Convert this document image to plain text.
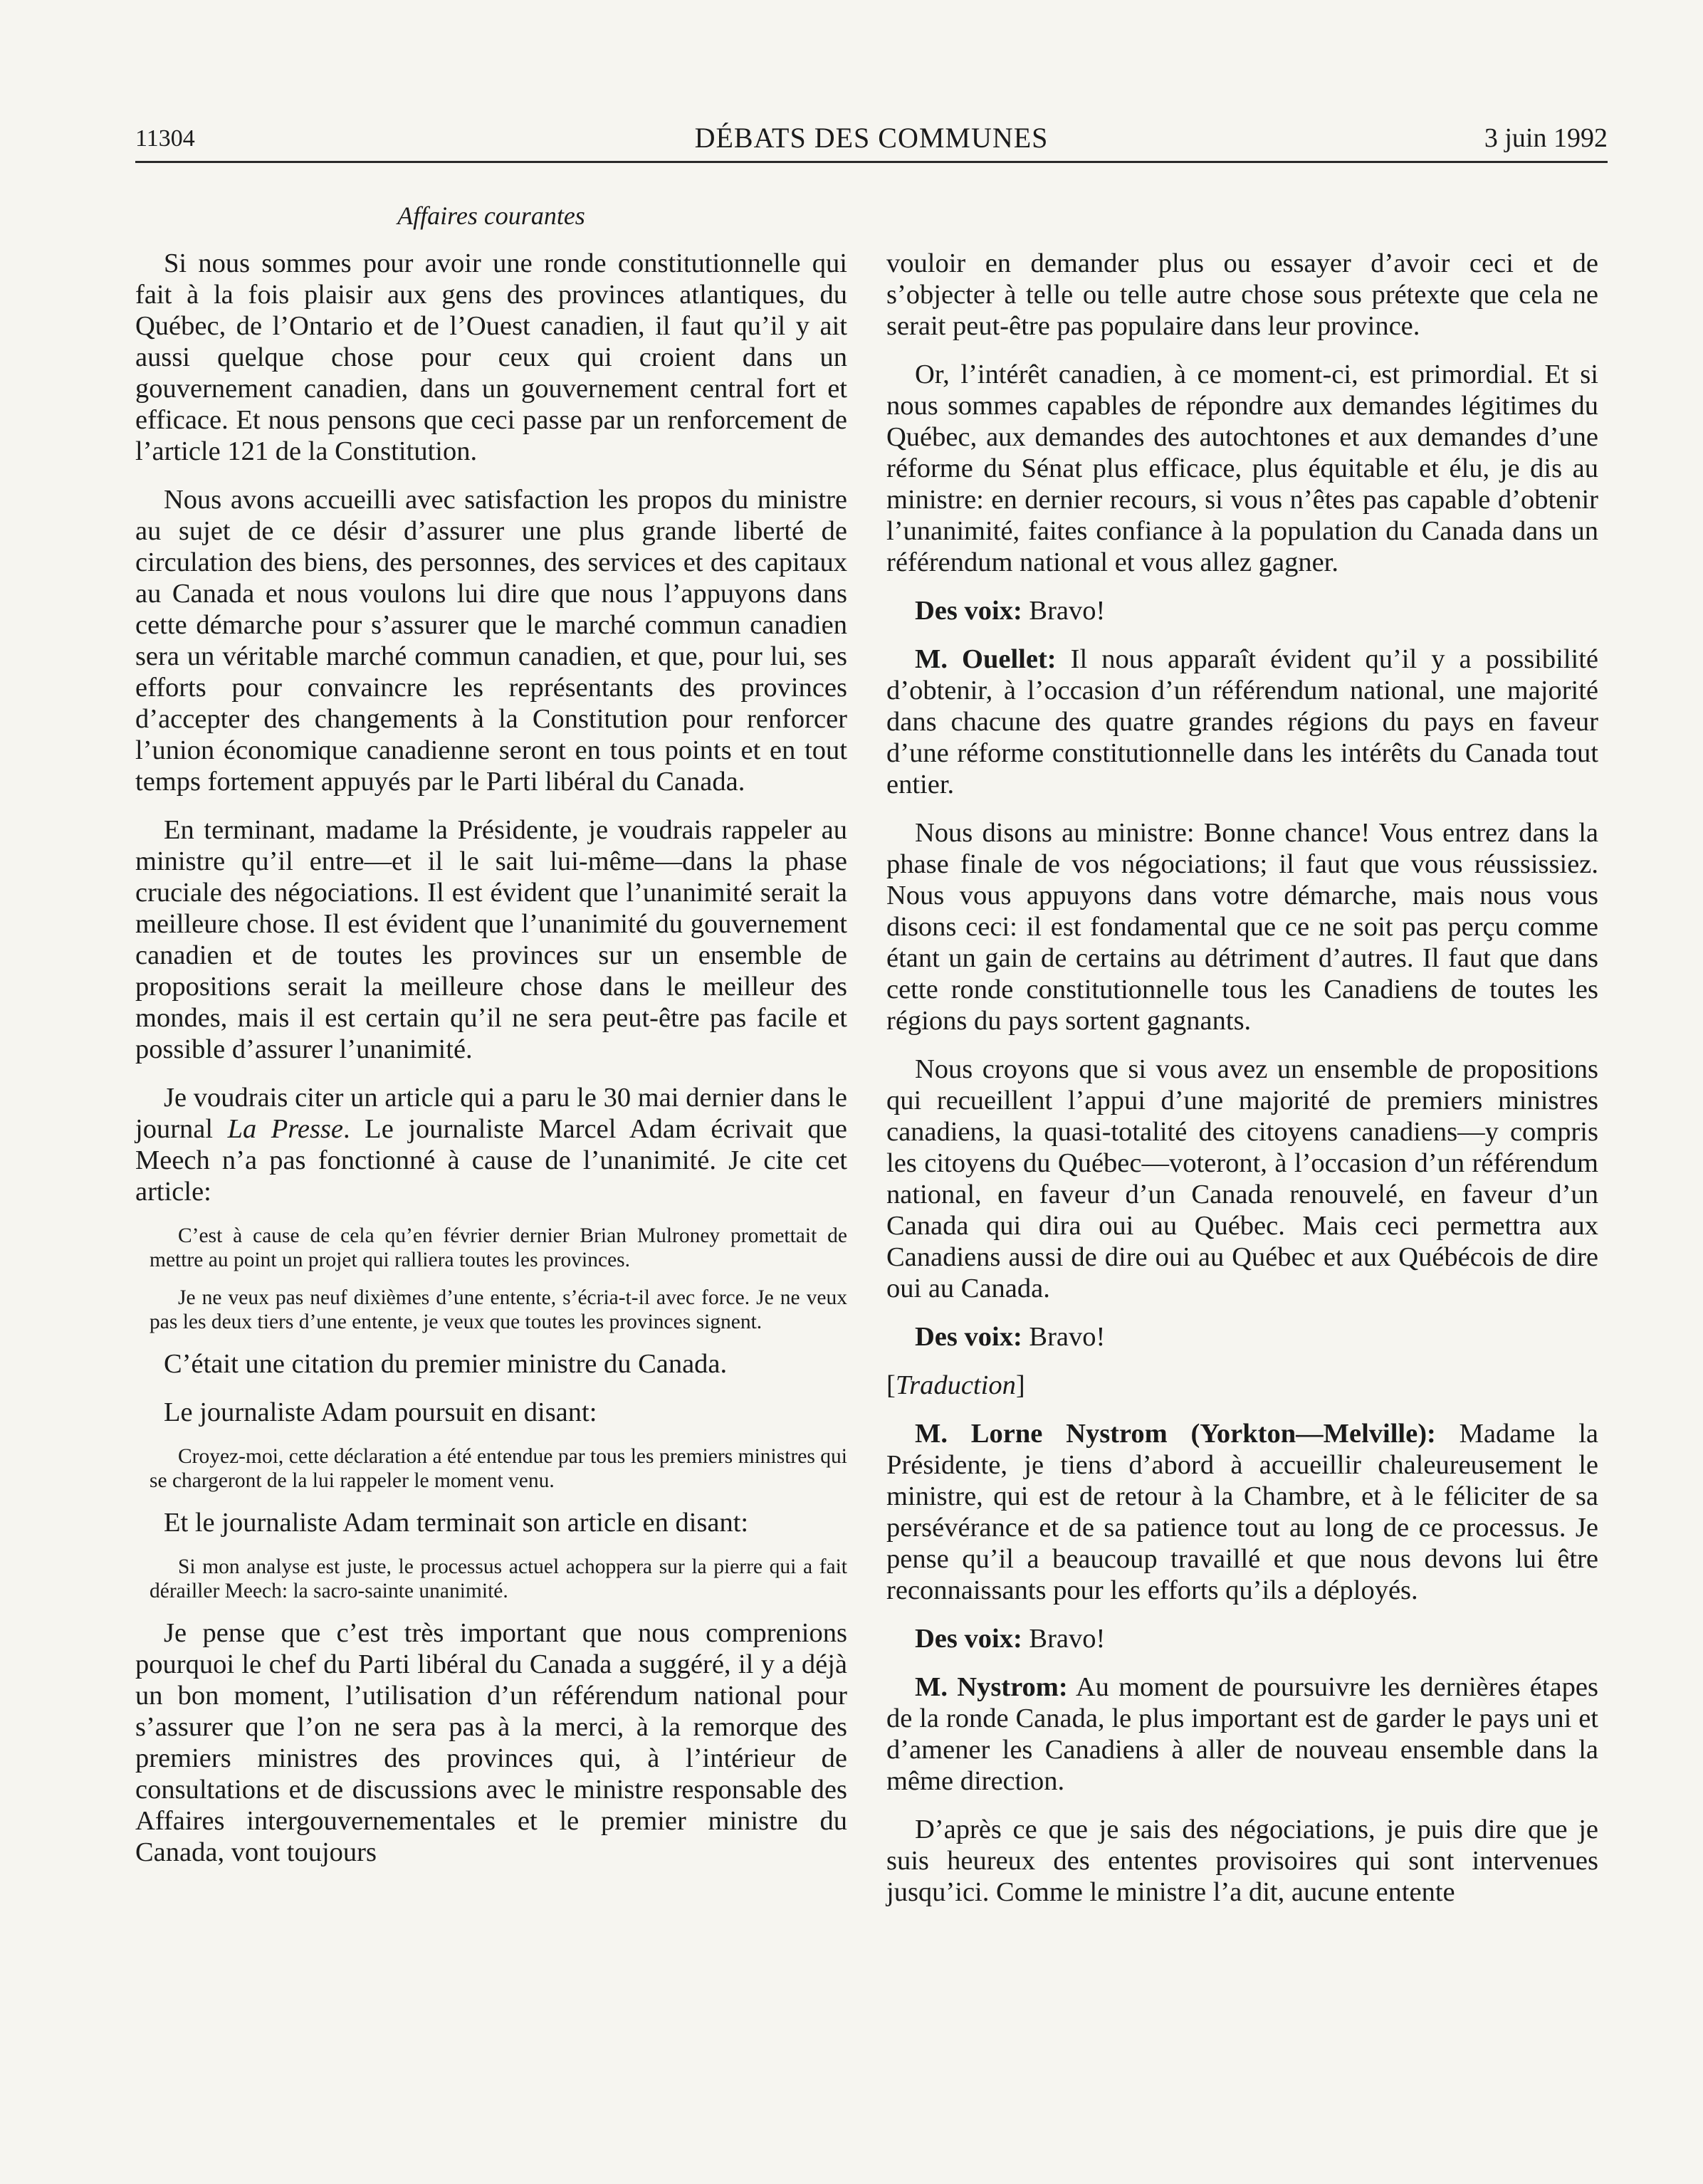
11304	DÉBATS DES COMMUNES	3 juin 1992
Affaires courantes

Si nous sommes pour avoir une ronde constitutionnelle qui fait à la fois plaisir aux gens des provinces atlantiques, du Québec, de l’Ontario et de l’Ouest canadien, il faut qu’il y ait aussi quelque chose pour ceux qui croient dans un gouvernement canadien, dans un gouvernement central fort et efficace. Et nous pensons que ceci passe par un renforcement de l’article 121 de la Constitution.

Nous avons accueilli avec satisfaction les propos du ministre au sujet de ce désir d’assurer une plus grande liberté de circulation des biens, des personnes, des services et des capitaux au Canada et nous voulons lui dire que nous l’appuyons dans cette démarche pour s’assurer que le marché commun canadien sera un véritable marché commun canadien, et que, pour lui, ses efforts pour convaincre les représentants des provinces d’accepter des changements à la Constitution pour renforcer l’union économique canadienne seront en tous points et en tout temps fortement appuyés par le Parti libéral du Canada.

En terminant, madame la Présidente, je voudrais rappeler au ministre qu’il entre—et il le sait lui-même—dans la phase cruciale des négociations. Il est évident que l’unanimité serait la meilleure chose. Il est évident que l’unanimité du gouvernement canadien et de toutes les provinces sur un ensemble de propositions serait la meilleure chose dans le meilleur des mondes, mais il est certain qu’il ne sera peut-être pas facile et possible d’assurer l’unanimité.

Je voudrais citer un article qui a paru le 30 mai dernier dans le journal La Presse. Le journaliste Marcel Adam écrivait que Meech n’a pas fonctionné à cause de l’unanimité. Je cite cet article:

C’est à cause de cela qu’en février dernier Brian Mulroney promettait de mettre au point un projet qui ralliera toutes les provinces.

Je ne veux pas neuf dixièmes d’une entente, s’écria-t-il avec force. Je ne veux pas les deux tiers d’une entente, je veux que toutes les provinces signent.

C’était une citation du premier ministre du Canada.

Le journaliste Adam poursuit en disant:

Croyez-moi, cette déclaration a été entendue par tous les premiers ministres qui se chargeront de la lui rappeler le moment venu.

Et le journaliste Adam terminait son article en disant:

Si mon analyse est juste, le processus actuel achoppera sur la pierre qui a fait dérailler Meech: la sacro-sainte unanimité.

Je pense que c’est très important que nous comprenions pourquoi le chef du Parti libéral du Canada a suggéré, il y a déjà un bon moment, l’utilisation d’un référendum national pour s’assurer que l’on ne sera pas à la merci, à la remorque des premiers ministres des provinces qui, à l’intérieur de consultations et de discussions avec le ministre responsable des Affaires intergouvernementales et le premier ministre du Canada, vont toujours

vouloir en demander plus ou essayer d’avoir ceci et de s’objecter à telle ou telle autre chose sous prétexte que cela ne serait peut-être pas populaire dans leur province.

Or, l’intérêt canadien, à ce moment-ci, est primordial. Et si nous sommes capables de répondre aux demandes légitimes du Québec, aux demandes des autochtones et aux demandes d’une réforme du Sénat plus efficace, plus équitable et élu, je dis au ministre: en dernier recours, si vous n’êtes pas capable d’obtenir l’unanimité, faites confiance à la population du Canada dans un référendum national et vous allez gagner.

Des voix: Bravo!

M. Ouellet: Il nous apparaît évident qu’il y a possibilité d’obtenir, à l’occasion d’un référendum national, une majorité dans chacune des quatre grandes régions du pays en faveur d’une réforme constitutionnelle dans les intérêts du Canada tout entier.

Nous disons au ministre: Bonne chance! Vous entrez dans la phase finale de vos négociations; il faut que vous réussissiez. Nous vous appuyons dans votre démarche, mais nous vous disons ceci: il est fondamental que ce ne soit pas perçu comme étant un gain de certains au détriment d’autres. Il faut que dans cette ronde constitutionnelle tous les Canadiens de toutes les régions du pays sortent gagnants.

Nous croyons que si vous avez un ensemble de propositions qui recueillent l’appui d’une majorité de premiers ministres canadiens, la quasi-totalité des citoyens canadiens—y compris les citoyens du Québec—voteront, à l’occasion d’un référendum national, en faveur d’un Canada renouvelé, en faveur d’un Canada qui dira oui au Québec. Mais ceci permettra aux Canadiens aussi de dire oui au Québec et aux Québécois de dire oui au Canada.

Des voix: Bravo!

[Traduction]

M. Lorne Nystrom (Yorkton—Melville): Madame la Présidente, je tiens d’abord à accueillir chaleureusement le ministre, qui est de retour à la Chambre, et à le féliciter de sa persévérance et de sa patience tout au long de ce processus. Je pense qu’il a beaucoup travaillé et que nous devons lui être reconnaissants pour les efforts qu’ils a déployés.

Des voix: Bravo!

M. Nystrom: Au moment de poursuivre les dernières étapes de la ronde Canada, le plus important est de garder le pays uni et d’amener les Canadiens à aller de nouveau ensemble dans la même direction.

D’après ce que je sais des négociations, je puis dire que je suis heureux des ententes provisoires qui sont intervenues jusqu’ici. Comme le ministre l’a dit, aucune entente
